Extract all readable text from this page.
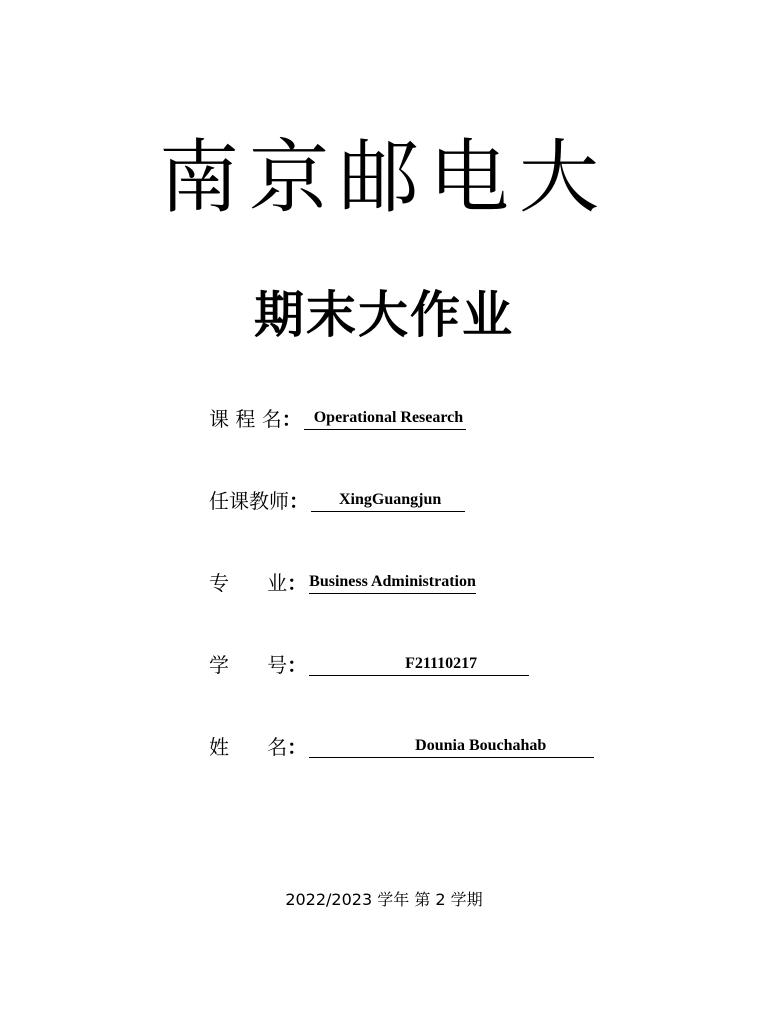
南京邮电大
期末大作业
课 程 名 ： Operational Research
任课教师 ：	XingGuangjun
专      业 ： Business Administration
学      号 ：	F21110217
姓      名 ：	Dounia Bouchahab
2022/2023 学年 第 2 学期
